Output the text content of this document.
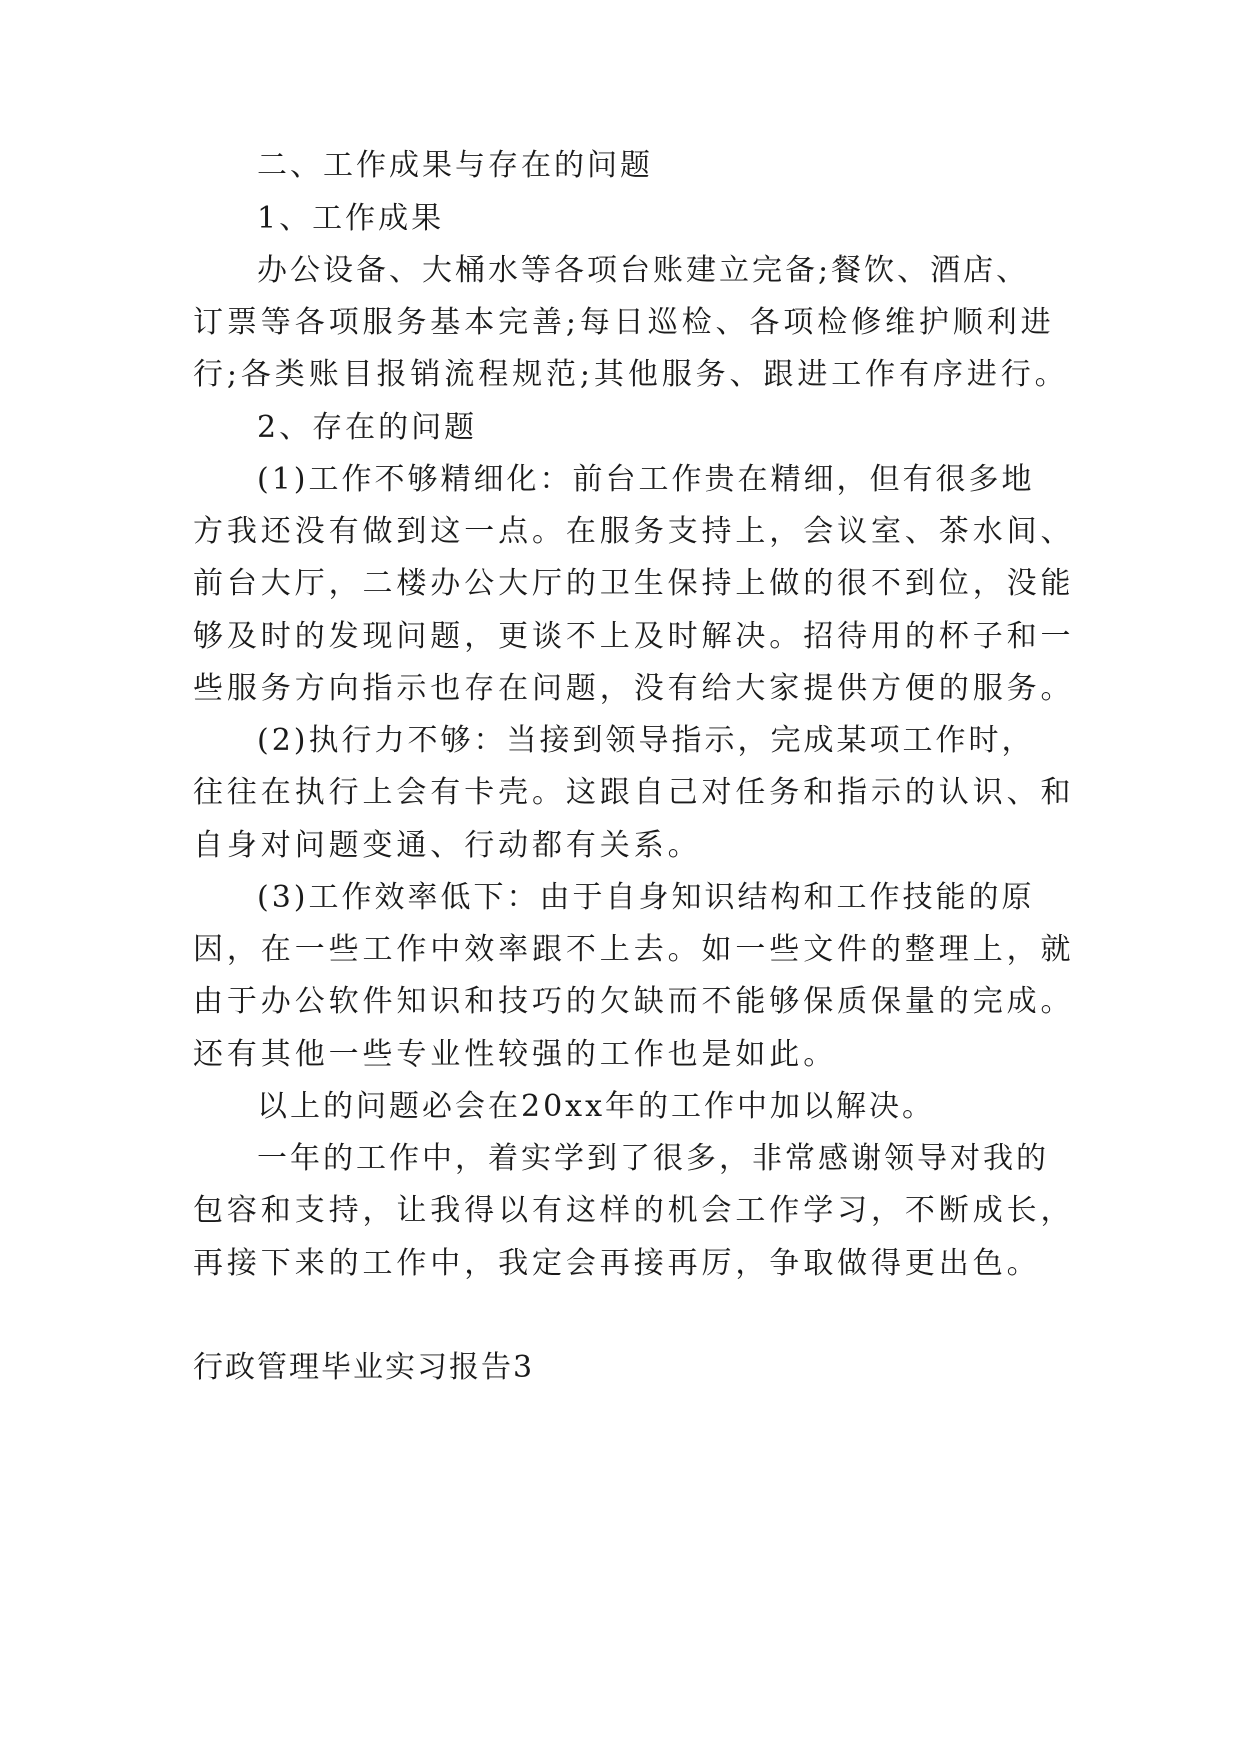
二、工作成果与存在的问题
1、工作成果
办公设备、大桶水等各项台账建立完备;餐饮、酒店、
订票等各项服务基本完善;每日巡检、各项检修维护顺利进
行;各类账目报销流程规范;其他服务、跟进工作有序进行。
2、存在的问题
(1)工作不够精细化：前台工作贵在精细，但有很多地
方我还没有做到这一点。在服务支持上，会议室、茶水间、
前台大厅，二楼办公大厅的卫生保持上做的很不到位，没能
够及时的发现问题，更谈不上及时解决。招待用的杯子和一
些服务方向指示也存在问题，没有给大家提供方便的服务。
(2)执行力不够：当接到领导指示，完成某项工作时，
往往在执行上会有卡壳。这跟自己对任务和指示的认识、和
自身对问题变通、行动都有关系。
(3)工作效率低下：由于自身知识结构和工作技能的原
因，在一些工作中效率跟不上去。如一些文件的整理上，就
由于办公软件知识和技巧的欠缺而不能够保质保量的完成。
还有其他一些专业性较强的工作也是如此。
以上的问题必会在20xx年的工作中加以解决。
一年的工作中，着实学到了很多，非常感谢领导对我的
包容和支持，让我得以有这样的机会工作学习，不断成长，
再接下来的工作中，我定会再接再厉，争取做得更出色。
行政管理毕业实习报告3
